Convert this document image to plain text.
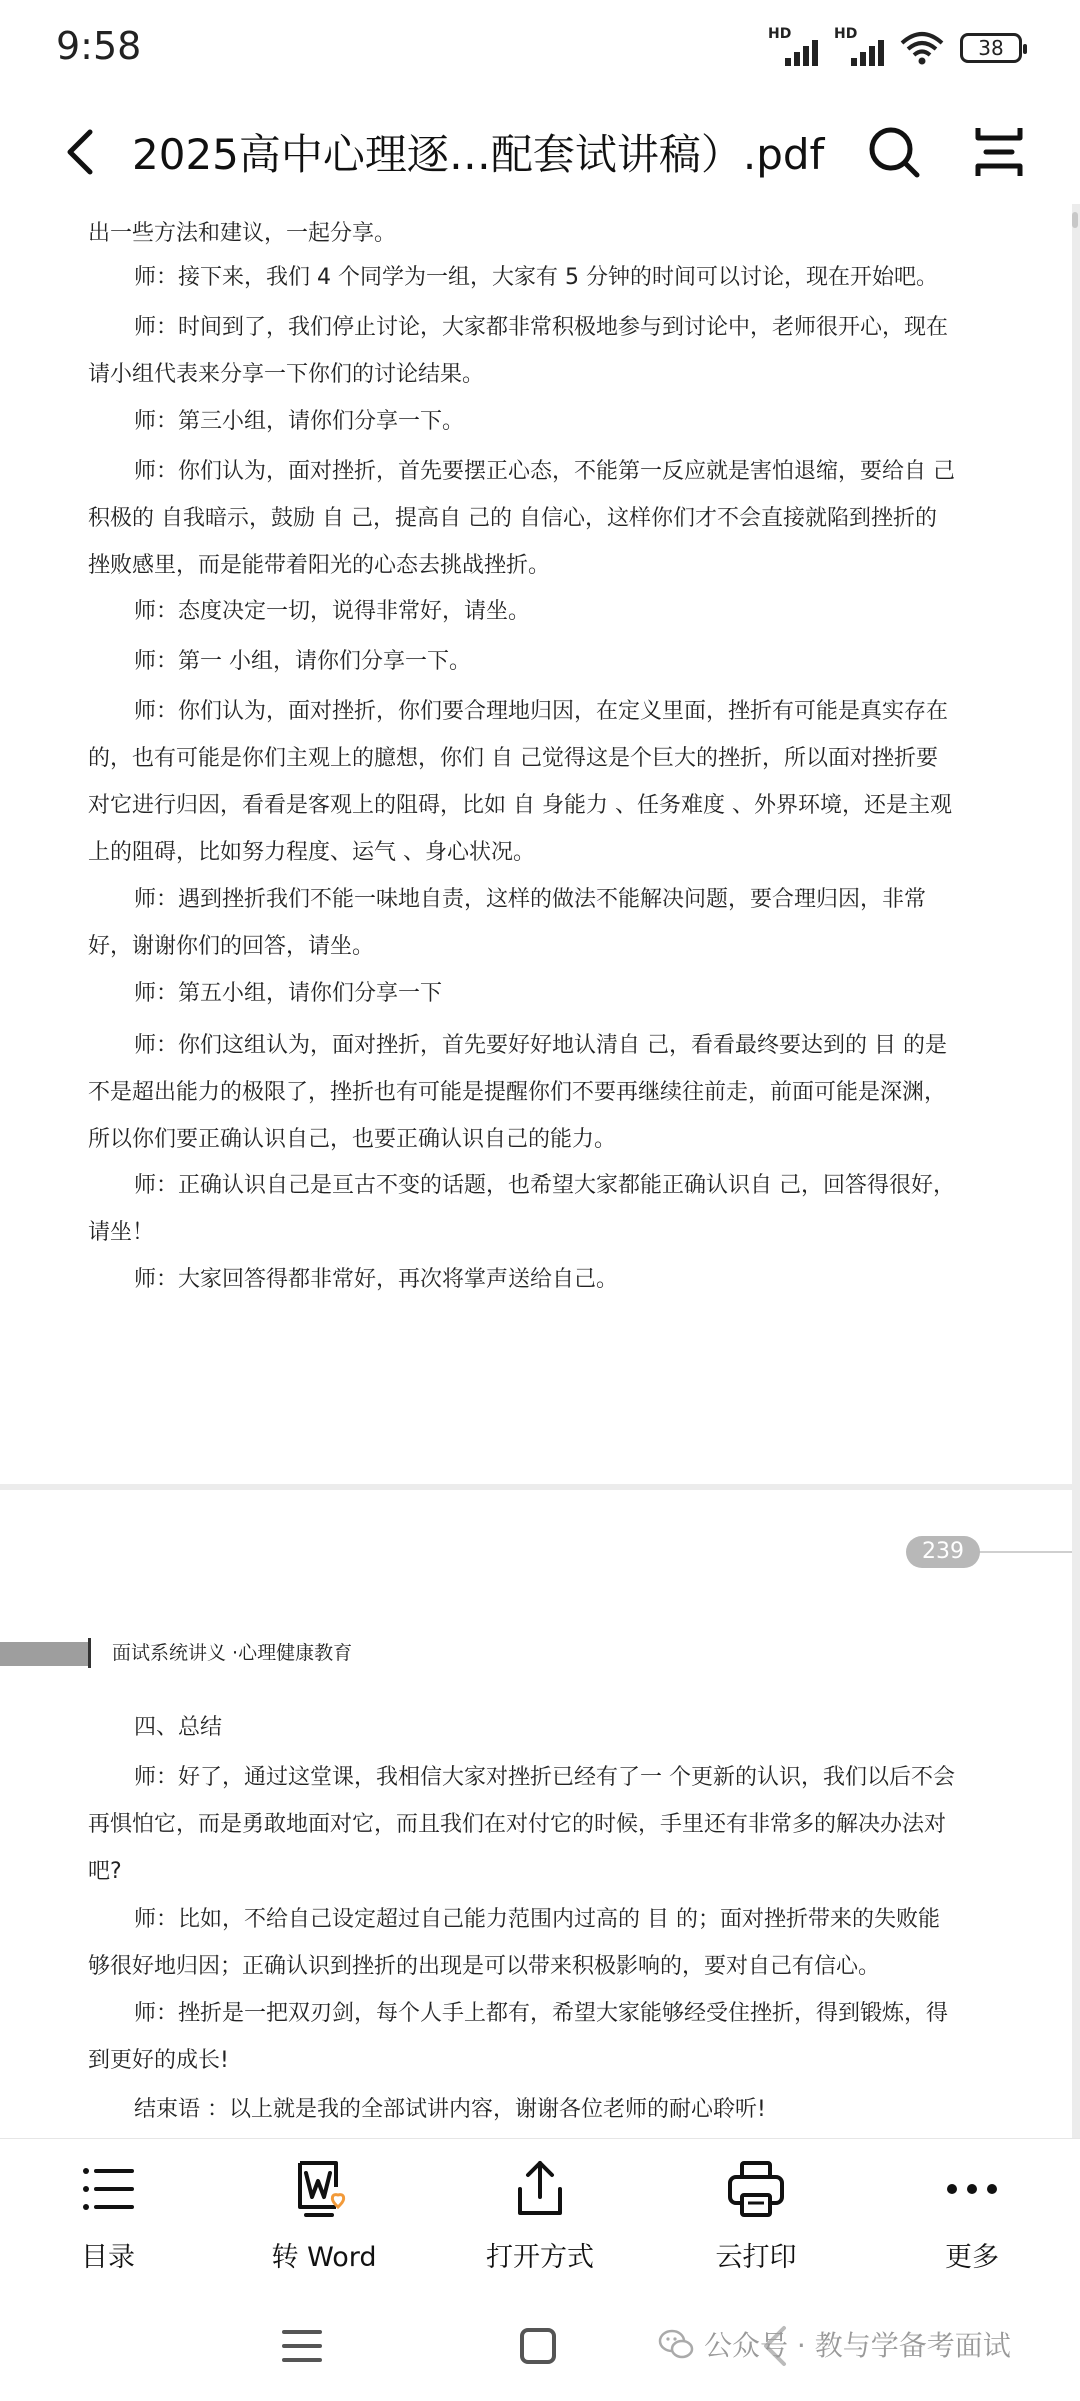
9:58	HD	HD
38
2025高中心理逐…配套试讲稿）.pdf
出一些方法和建议，一起分享。
师：接下来，我们 4 个同学为一组，大家有 5 分钟的时间可以讨论，现在开始吧。
师：时间到了，我们停止讨论，大家都非常积极地参与到讨论中，老师很开心，现在请小组代表来分享一下你们的讨论结果。
师：第三小组，请你们分享一下。
师：你们认为，面对挫折，首先要摆正心态，不能第一反应就是害怕退缩，要给自 己积极的 自我暗示，鼓励 自 己，提高自 己的 自信心，这样你们才不会直接就陷到挫折的挫败感里，而是能带着阳光的心态去挑战挫折。
师：态度决定一切，说得非常好，请坐。
师：第一 小组，请你们分享一下。
师：你们认为，面对挫折，你们要合理地归因，在定义里面，挫折有可能是真实存在的，也有可能是你们主观上的臆想，你们 自 己觉得这是个巨大的挫折，所以面对挫折要对它进行归因，看看是客观上的阻碍，比如 自 身能力 、任务难度 、外界环境，还是主观上的阻碍，比如努力程度、运气 、身心状况。
师：遇到挫折我们不能一味地自责，这样的做法不能解决问题，要合理归因，非常好，谢谢你们的回答，请坐。
师：第五小组，请你们分享一下
师：你们这组认为，面对挫折，首先要好好地认清自 己，看看最终要达到的 目 的是不是超出能力的极限了，挫折也有可能是提醒你们不要再继续往前走，前面可能是深渊，所以你们要正确认识自己，也要正确认识自己的能力。
师：正确认识自己是亘古不变的话题，也希望大家都能正确认识自 己，回答得很好，请坐！
师：大家回答得都非常好，再次将掌声送给自己。
239
面试系统讲义 ·心理健康教育
四、总结
师：好了，通过这堂课，我相信大家对挫折已经有了一 个更新的认识，我们以后不会再惧怕它，而是勇敢地面对它，而且我们在对付它的时候，手里还有非常多的解决办法对吧?
师：比如，不给自己设定超过自己能力范围内过高的 目 的；面对挫折带来的失败能够很好地归因；正确认识到挫折的出现是可以带来积极影响的，要对自己有信心。
师：挫折是一把双刃剑，每个人手上都有，希望大家能够经受住挫折，得到锻炼，得到更好的成长!
结束语 ：以上就是我的全部试讲内容，谢谢各位老师的耐心聆听!
目录	转 Word	打开方式	云打印	更多
公众号 · 教与学备考面试
